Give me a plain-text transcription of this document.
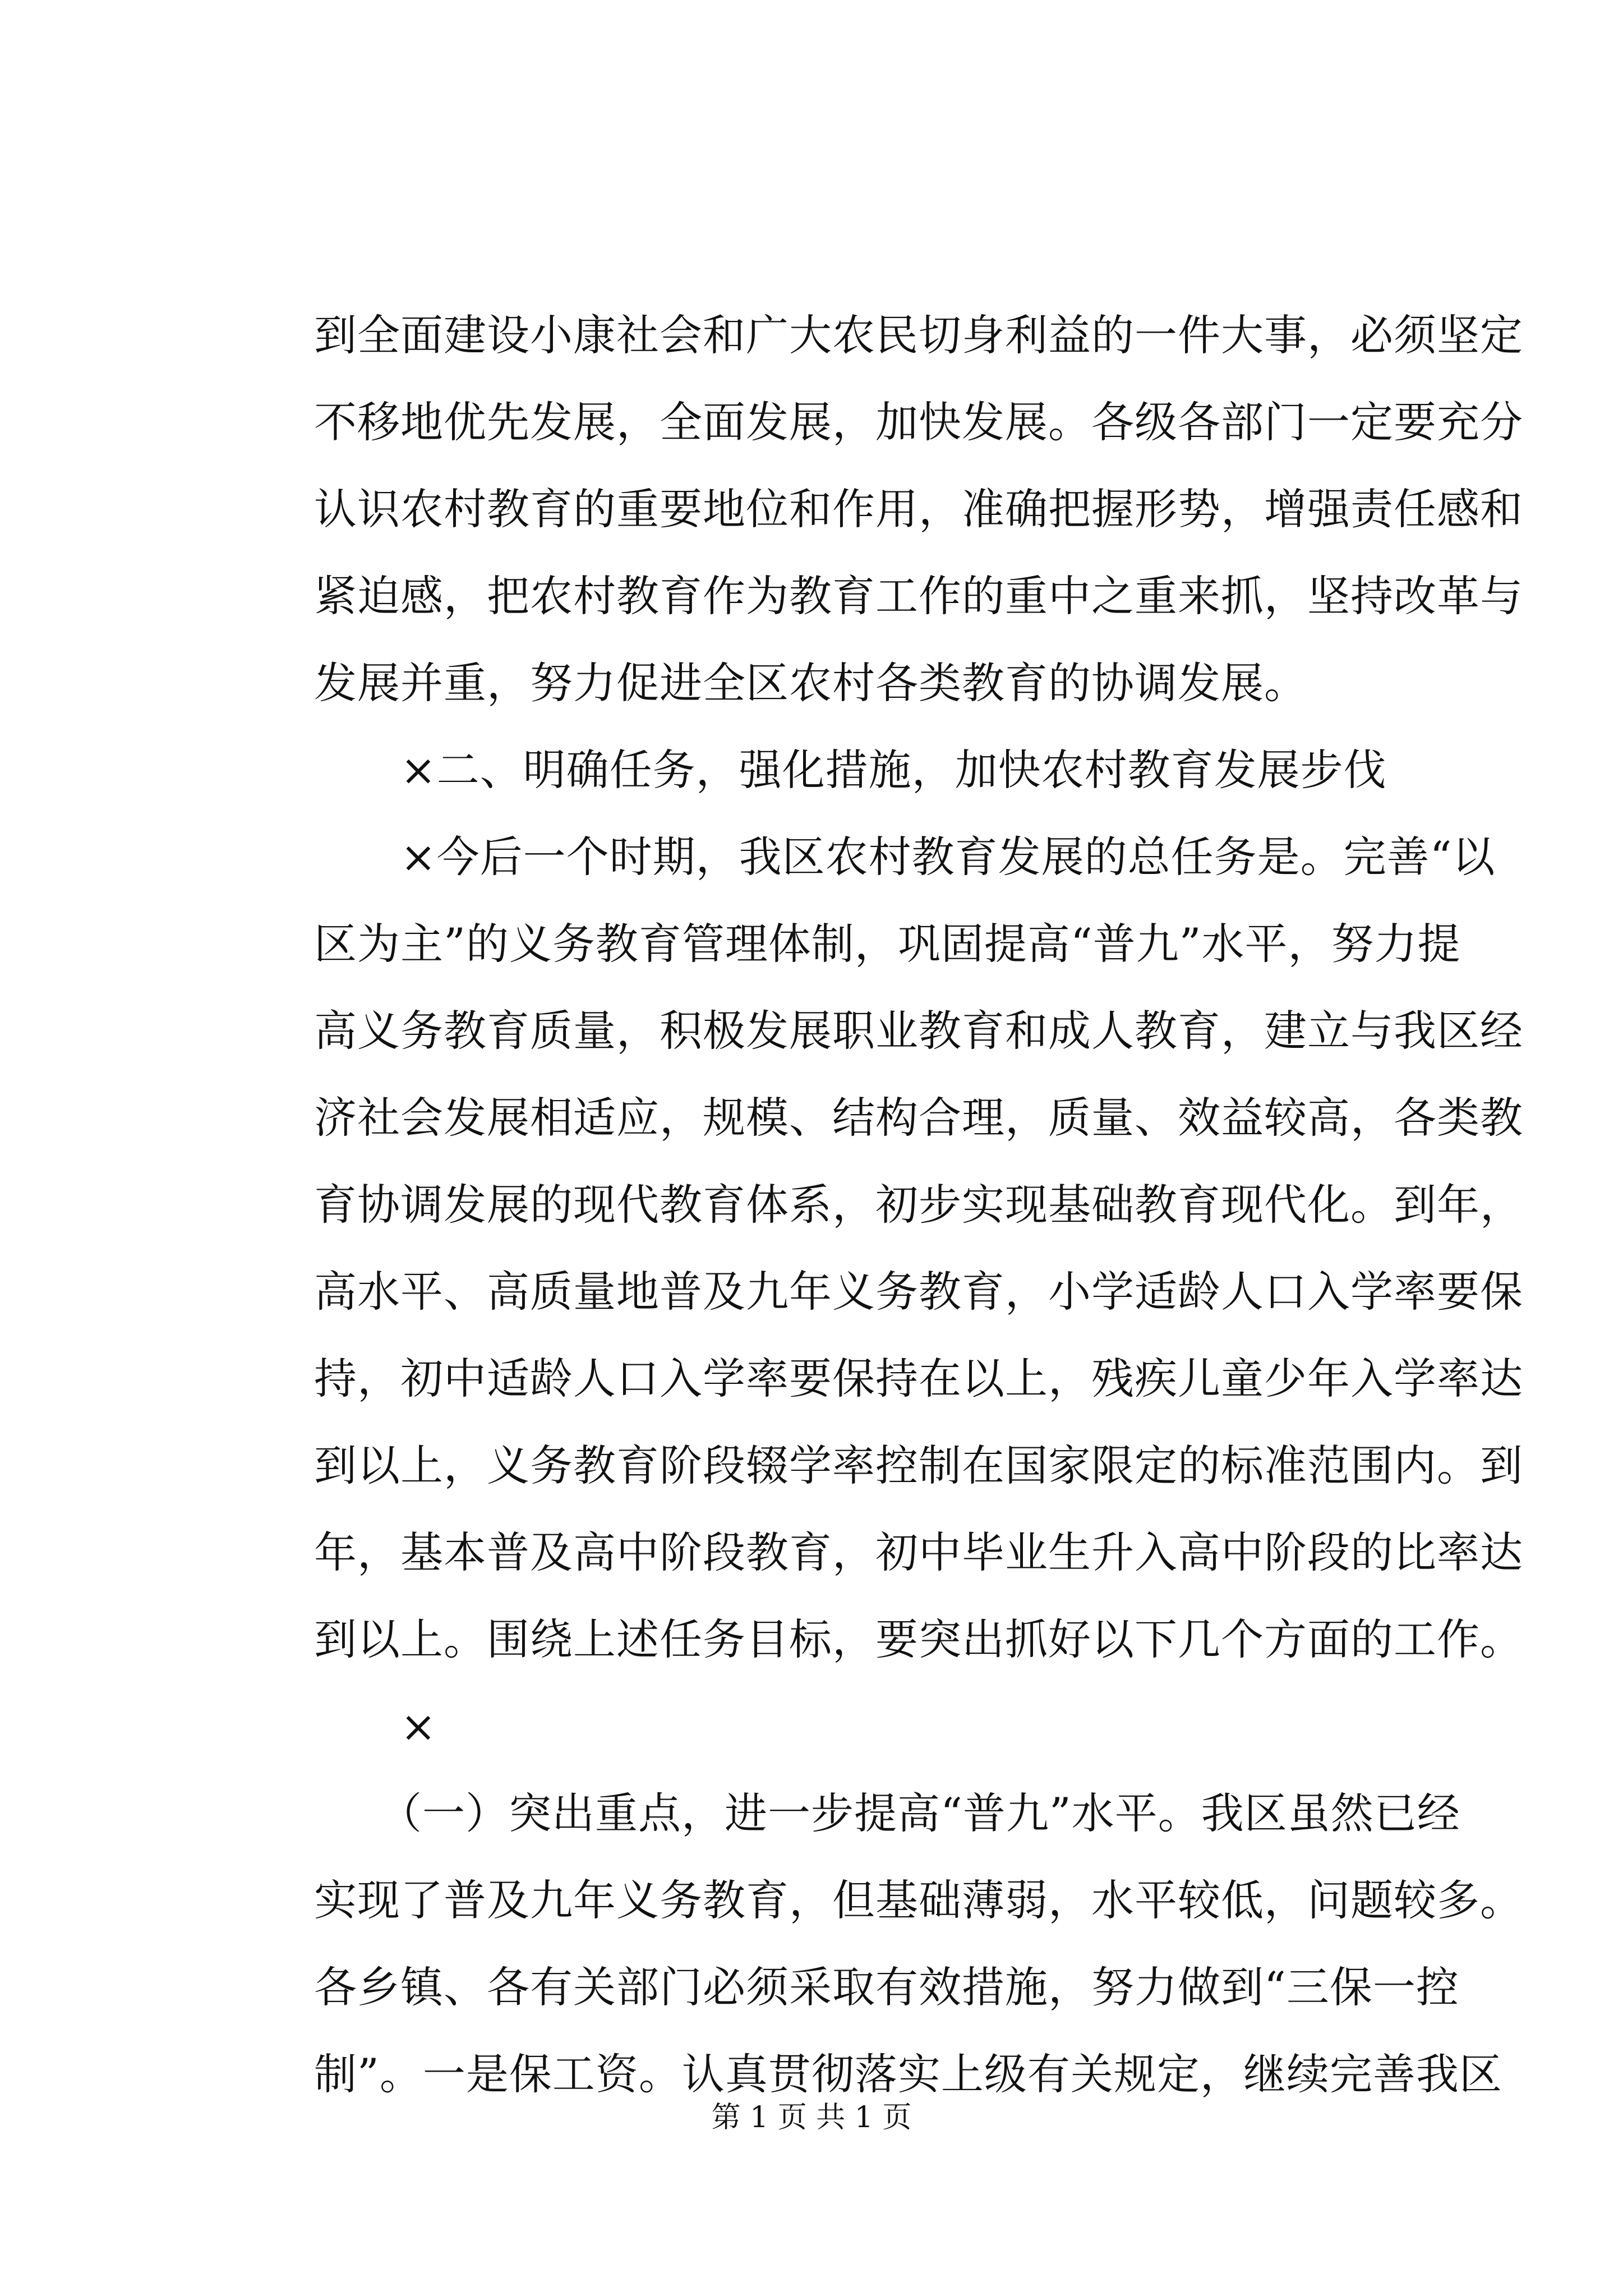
到全面建设小康社会和广大农民切身利益的一件大事，必须坚定
不移地优先发展，全面发展，加快发展。各级各部门一定要充分
认识农村教育的重要地位和作用，准确把握形势，增强责任感和
紧迫感，把农村教育作为教育工作的重中之重来抓，坚持改革与
发展并重，努力促进全区农村各类教育的协调发展。
　　×二、明确任务，强化措施，加快农村教育发展步伐
　　×今后一个时期，我区农村教育发展的总任务是。完善“以
区为主”的义务教育管理体制，巩固提高“普九”水平，努力提
高义务教育质量，积极发展职业教育和成人教育，建立与我区经
济社会发展相适应，规模、结构合理，质量、效益较高，各类教
育协调发展的现代教育体系，初步实现基础教育现代化。到年，
高水平、高质量地普及九年义务教育，小学适龄人口入学率要保
持，初中适龄人口入学率要保持在以上，残疾儿童少年入学率达
到以上，义务教育阶段辍学率控制在国家限定的标准范围内。到
年，基本普及高中阶段教育，初中毕业生升入高中阶段的比率达
到以上。围绕上述任务目标，要突出抓好以下几个方面的工作。
　　×
　　（一）突出重点，进一步提高“普九”水平。我区虽然已经
实现了普及九年义务教育，但基础薄弱，水平较低，问题较多。
各乡镇、各有关部门必须采取有效措施，努力做到“三保一控
制”。一是保工资。认真贯彻落实上级有关规定，继续完善我区
第 1 页 共 1 页
